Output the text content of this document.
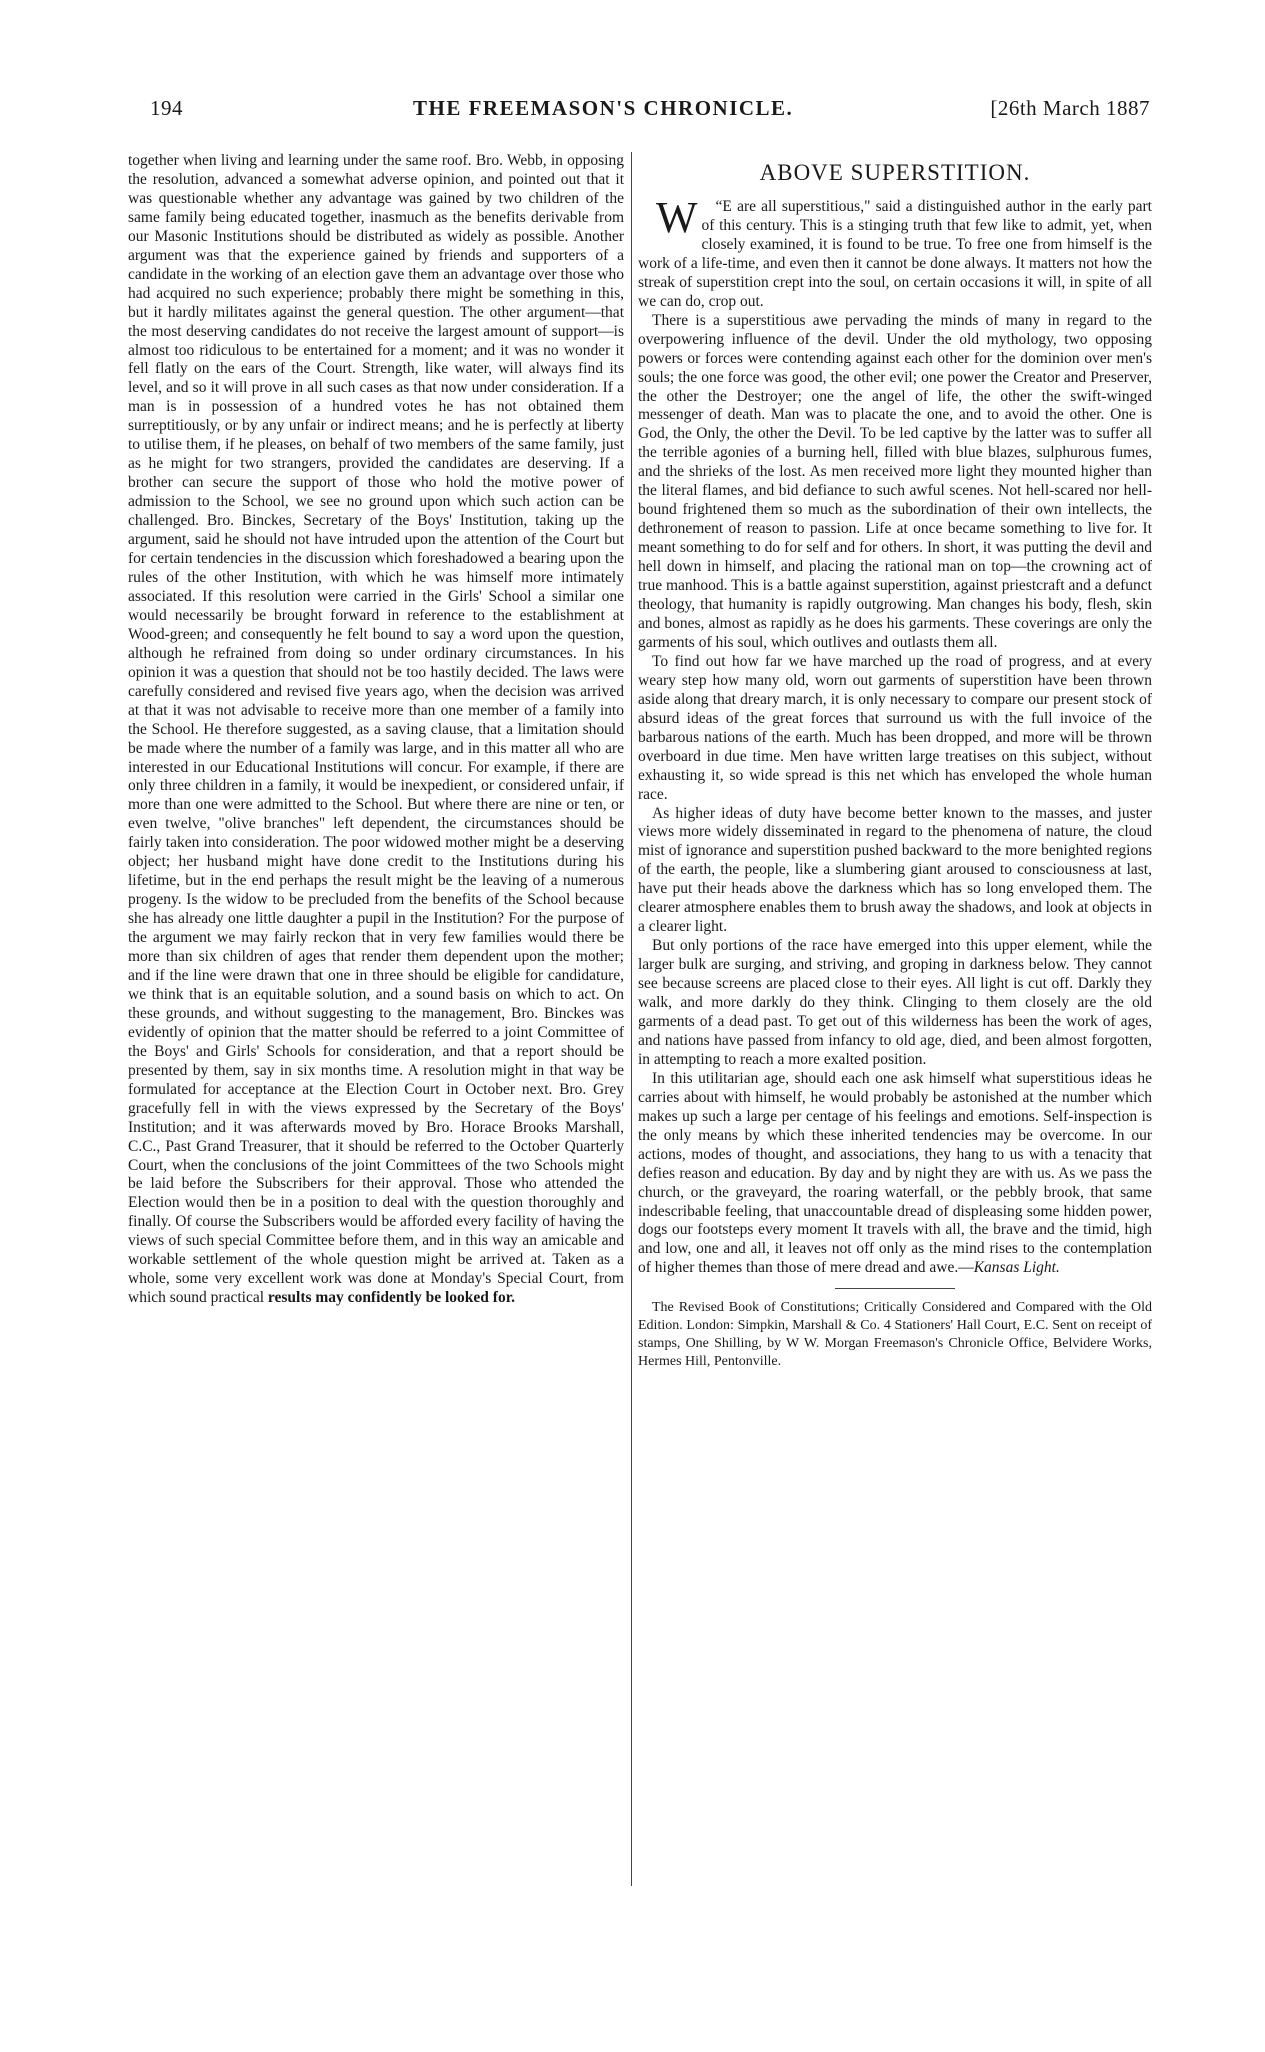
194	THE FREEMASON'S CHRONICLE.	[26th March 1887

together when living and learning under the same roof. Bro. Webb, in opposing the resolution, advanced a somewhat adverse opinion, and pointed out that it was questionable whether any advantage was gained by two children of the same family being educated together, inasmuch as the benefits derivable from our Masonic Institutions should be distributed as widely as possible. Another argument was that the experience gained by friends and supporters of a candidate in the working of an election gave them an advantage over those who had acquired no such experience; probably there might be something in this, but it hardly militates against the general question. The other argument—that the most deserving candidates do not receive the largest amount of support—is almost too ridiculous to be entertained for a moment; and it was no wonder it fell flatly on the ears of the Court. Strength, like water, will always find its level, and so it will prove in all such cases as that now under consideration. If a man is in possession of a hundred votes he has not obtained them surreptitiously, or by any unfair or indirect means; and he is perfectly at liberty to utilise them, if he pleases, on behalf of two members of the same family, just as he might for two strangers, provided the candidates are deserving. If a brother can secure the support of those who hold the motive power of admission to the School, we see no ground upon which such action can be challenged. Bro. Binckes, Secretary of the Boys' Institution, taking up the argument, said he should not have intruded upon the attention of the Court but for certain tendencies in the discussion which foreshadowed a bearing upon the rules of the other Institution, with which he was himself more intimately associated. If this resolution were carried in the Girls' School a similar one would necessarily be brought forward in reference to the establishment at Wood-green; and consequently he felt bound to say a word upon the question, although he refrained from doing so under ordinary circumstances. In his opinion it was a question that should not be too hastily decided. The laws were carefully considered and revised five years ago, when the decision was arrived at that it was not advisable to receive more than one member of a family into the School. He therefore suggested, as a saving clause, that a limitation should be made where the number of a family was large, and in this matter all who are interested in our Educational Institutions will concur. For example, if there are only three children in a family, it would be inexpedient, or considered unfair, if more than one were admitted to the School. But where there are nine or ten, or even twelve, "olive branches" left dependent, the circumstances should be fairly taken into consideration. The poor widowed mother might be a deserving object; her husband might have done credit to the Institutions during his lifetime, but in the end perhaps the result might be the leaving of a numerous progeny. Is the widow to be precluded from the benefits of the School because she has already one little daughter a pupil in the Institution? For the purpose of the argument we may fairly reckon that in very few families would there be more than six children of ages that render them dependent upon the mother; and if the line were drawn that one in three should be eligible for candidature, we think that is an equitable solution, and a sound basis on which to act. On these grounds, and without suggesting to the management, Bro. Binckes was evidently of opinion that the matter should be referred to a joint Committee of the Boys' and Girls' Schools for consideration, and that a report should be presented by them, say in six months time. A resolution might in that way be formulated for acceptance at the Election Court in October next. Bro. Grey gracefully fell in with the views expressed by the Secretary of the Boys' Institution; and it was afterwards moved by Bro. Horace Brooks Marshall, C.C., Past Grand Treasurer, that it should be referred to the October Quarterly Court, when the conclusions of the joint Committees of the two Schools might be laid before the Subscribers for their approval. Those who attended the Election would then be in a position to deal with the question thoroughly and finally. Of course the Subscribers would be afforded every facility of having the views of such special Committee before them, and in this way an amicable and workable settlement of the whole question might be arrived at. Taken as a whole, some very excellent work was done at Monday's Special Court, from which sound practical results may confidently be looked for.

ABOVE SUPERSTITION.

“
W E are all superstitious," said a distinguished author in the early part of this century. This is a stinging truth that few like to admit, yet, when closely examined, it is found to be true. To free one from himself is the work of a life-time, and even then it cannot be done always. It matters not how the streak of superstition crept into the soul, on certain occasions it will, in spite of all we can do, crop out.

There is a superstitious awe pervading the minds of many in regard to the overpowering influence of the devil. Under the old mythology, two opposing powers or forces were contending against each other for the dominion over men's souls; the one force was good, the other evil; one power the Creator and Preserver, the other the Destroyer; one the angel of life, the other the swift-winged messenger of death. Man was to placate the one, and to avoid the other. One is God, the Only, the other the Devil. To be led captive by the latter was to suffer all the terrible agonies of a burning hell, filled with blue blazes, sulphurous fumes, and the shrieks of the lost. As men received more light they mounted higher than the literal flames, and bid defiance to such awful scenes. Not hell-scared nor hell-bound frightened them so much as the subordination of their own intellects, the dethronement of reason to passion. Life at once became something to live for. It meant something to do for self and for others. In short, it was putting the devil and hell down in himself, and placing the rational man on top—the crowning act of true manhood. This is a battle against superstition, against priestcraft and a defunct theology, that humanity is rapidly outgrowing. Man changes his body, flesh, skin and bones, almost as rapidly as he does his garments. These coverings are only the garments of his soul, which outlives and outlasts them all.

To find out how far we have marched up the road of progress, and at every weary step how many old, worn out garments of superstition have been thrown aside along that dreary march, it is only necessary to compare our present stock of absurd ideas of the great forces that surround us with the full invoice of the barbarous nations of the earth. Much has been dropped, and more will be thrown overboard in due time. Men have written large treatises on this subject, without exhausting it, so wide spread is this net which has enveloped the whole human race.

As higher ideas of duty have become better known to the masses, and juster views more widely disseminated in regard to the phenomena of nature, the cloud mist of ignorance and superstition pushed backward to the more benighted regions of the earth, the people, like a slumbering giant aroused to consciousness at last, have put their heads above the darkness which has so long enveloped them. The clearer atmosphere enables them to brush away the shadows, and look at objects in a clearer light.

But only portions of the race have emerged into this upper element, while the larger bulk are surging, and striving, and groping in darkness below. They cannot see because screens are placed close to their eyes. All light is cut off. Darkly they walk, and more darkly do they think. Clinging to them closely are the old garments of a dead past. To get out of this wilderness has been the work of ages, and nations have passed from infancy to old age, died, and been almost forgotten, in attempting to reach a more exalted position.

In this utilitarian age, should each one ask himself what superstitious ideas he carries about with himself, he would probably be astonished at the number which makes up such a large per centage of his feelings and emotions. Self-inspection is the only means by which these inherited tendencies may be overcome. In our actions, modes of thought, and associations, they hang to us with a tenacity that defies reason and education. By day and by night they are with us. As we pass the church, or the graveyard, the roaring waterfall, or the pebbly brook, that same indescribable feeling, that unaccountable dread of displeasing some hidden power, dogs our footsteps every moment It travels with all, the brave and the timid, high and low, one and all, it leaves not off only as the mind rises to the contemplation of higher themes than those of mere dread and awe.—Kansas Light.

The Revised Book of Constitutions; Critically Considered and Compared with the Old Edition. London: Simpkin, Marshall & Co. 4 Stationers' Hall Court, E.C. Sent on receipt of stamps, One Shilling, by W W. Morgan Freemason's Chronicle Office, Belvidere Works, Hermes Hill, Pentonville.
